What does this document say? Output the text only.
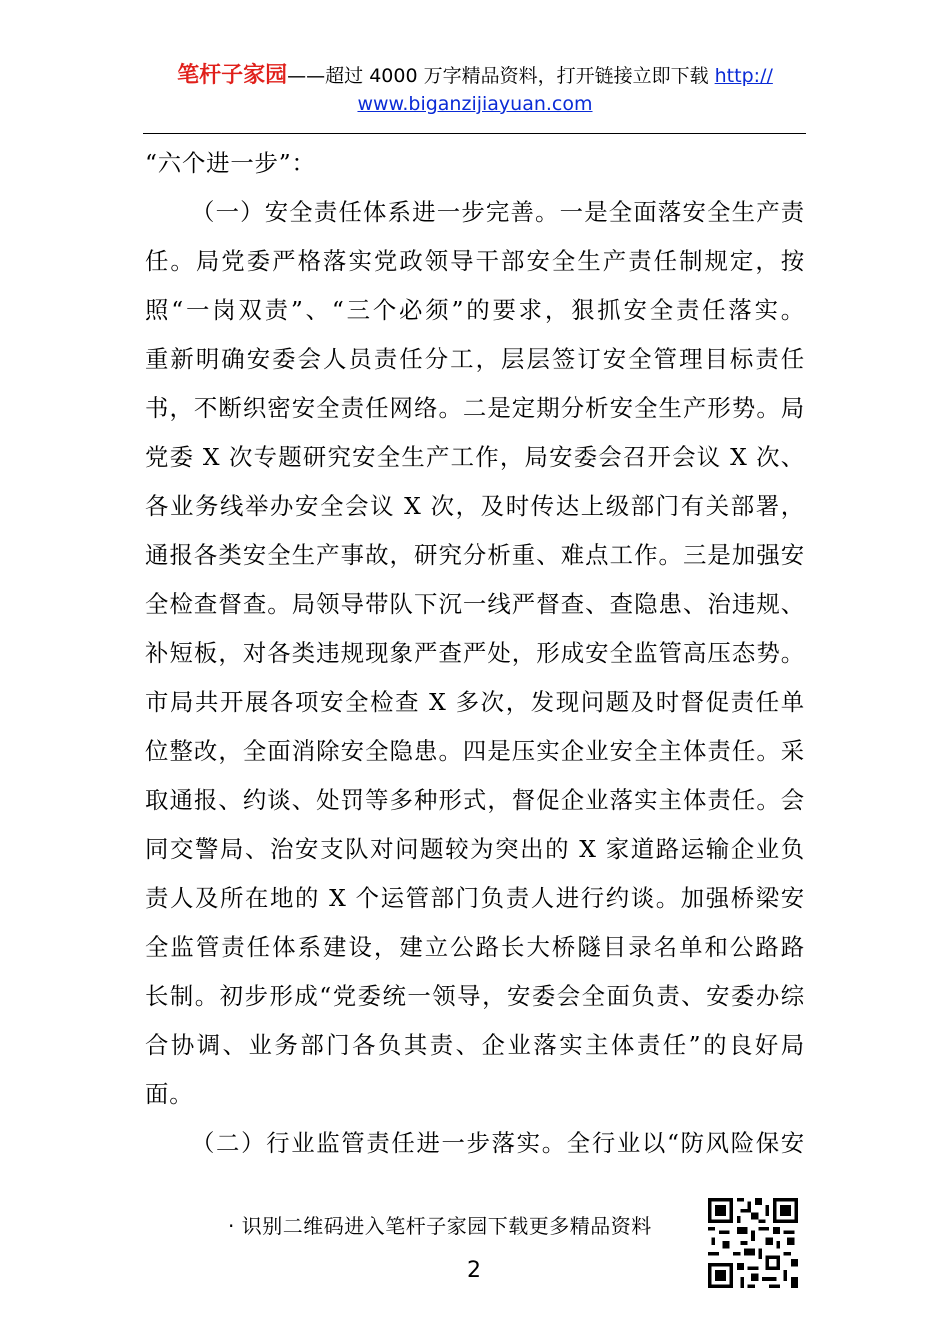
笔杆子家园——超过 4000 万字精品资料，打开链接立即下载 http://
www.biganzijiayuan.com
“六个进一步”：
（一）安全责任体系进一步完善。一是全面落安全生产责
任。局党委严格落实党政领导干部安全生产责任制规定，按
照“一岗双责”、“三个必须”的要求，狠抓安全责任落实。
重新明确安委会人员责任分工，层层签订安全管理目标责任
书，不断织密安全责任网络。二是定期分析安全生产形势。局
党委 X 次专题研究安全生产工作，局安委会召开会议 X 次、
各业务线举办安全会议 X 次，及时传达上级部门有关部署，
通报各类安全生产事故，研究分析重、难点工作。三是加强安
全检查督查。局领导带队下沉一线严督查、查隐患、治违规、
补短板，对各类违规现象严查严处，形成安全监管高压态势。
市局共开展各项安全检查 X 多次，发现问题及时督促责任单
位整改，全面消除安全隐患。四是压实企业安全主体责任。采
取通报、约谈、处罚等多种形式，督促企业落实主体责任。会
同交警局、治安支队对问题较为突出的 X 家道路运输企业负
责人及所在地的 X 个运管部门负责人进行约谈。加强桥梁安
全监管责任体系建设，建立公路长大桥隧目录名单和公路路
长制。初步形成“党委统一领导，安委会全面负责、安委办综
合协调、业务部门各负其责、企业落实主体责任”的良好局
面。
（二）行业监管责任进一步落实。全行业以“防风险保安
· 识别二维码进入笔杆子家园下载更多精品资料
2
